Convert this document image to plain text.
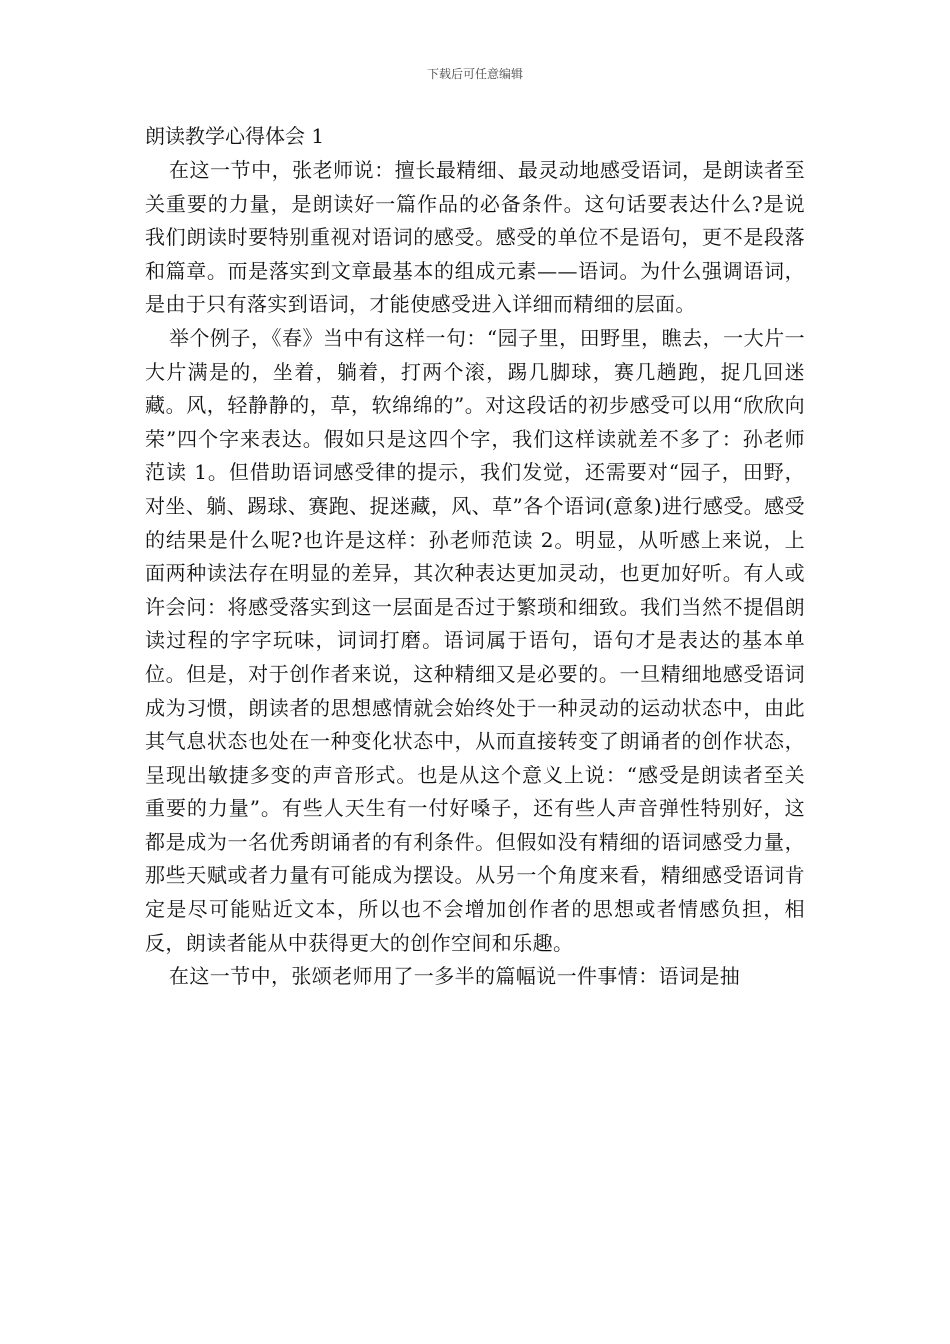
下载后可任意编辑
朗读教学心得体会 1

在这一节中，张老师说：擅长最精细、最灵动地感受语词，是朗读者至关重要的力量，是朗读好一篇作品的必备条件。这句话要表达什么?是说我们朗读时要特别重视对语词的感受。感受的单位不是语句，更不是段落和篇章。而是落实到文章最基本的组成元素——语词。为什么强调语词，是由于只有落实到语词，才能使感受进入详细而精细的层面。

举个例子，《春》当中有这样一句：“园子里，田野里，瞧去，一大片一大片满是的，坐着，躺着，打两个滚，踢几脚球，赛几趟跑，捉几回迷藏。风，轻静静的，草，软绵绵的”。对这段话的初步感受可以用“欣欣向荣”四个字来表达。假如只是这四个字，我们这样读就差不多了：孙老师范读 1。但借助语词感受律的提示，我们发觉，还需要对“园子，田野，对坐、躺、踢球、赛跑、捉迷藏，风、草”各个语词(意象)进行感受。感受的结果是什么呢?也许是这样：孙老师范读 2。明显，从听感上来说，上面两种读法存在明显的差异，其次种表达更加灵动，也更加好听。有人或许会问：将感受落实到这一层面是否过于繁琐和细致。我们当然不提倡朗读过程的字字玩味，词词打磨。语词属于语句，语句才是表达的基本单位。但是，对于创作者来说，这种精细又是必要的。一旦精细地感受语词成为习惯，朗读者的思想感情就会始终处于一种灵动的运动状态中，由此其气息状态也处在一种变化状态中，从而直接转变了朗诵者的创作状态，呈现出敏捷多变的声音形式。也是从这个意义上说：“感受是朗读者至关重要的力量”。有些人天生有一付好嗓子，还有些人声音弹性特别好，这都是成为一名优秀朗诵者的有利条件。但假如没有精细的语词感受力量，那些天赋或者力量有可能成为摆设。从另一个角度来看，精细感受语词肯定是尽可能贴近文本，所以也不会增加创作者的思想或者情感负担，相反，朗读者能从中获得更大的创作空间和乐趣。

在这一节中，张颂老师用了一多半的篇幅说一件事情：语词是抽
